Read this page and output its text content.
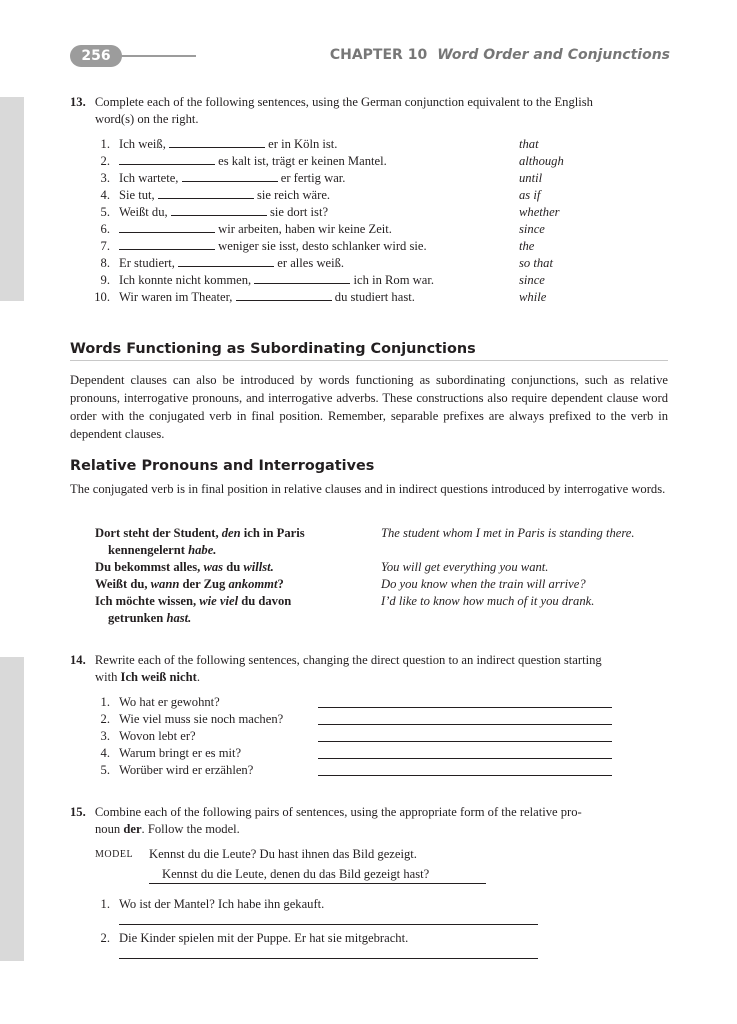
256	CHAPTER 10 Word Order and Conjunctions
13. Complete each of the following sentences, using the German conjunction equivalent to the English
word(s) on the right.
1. Ich weiß,	er in Köln ist.	that
2.	es kalt ist, trägt er keinen Mantel.	although
3. Ich wartete,	er fertig war.	until
4. Sie tut,	sie reich wäre.	as if
5. Weißt du,	sie dort ist?	whether
6.	wir arbeiten, haben wir keine Zeit.	since
7.	weniger sie isst, desto schlanker wird sie.	the
8. Er studiert,	er alles weiß.	so that
9. Ich konnte nicht kommen,	ich in Rom war.	since
10. Wir waren im Theater,	du studiert hast.	while
Words Functioning as Subordinating Conjunctions
Dependent clauses can also be introduced by words functioning as subordinating conjunctions, such as relative pronouns, interrogative pronouns, and interrogative adverbs. These constructions also require dependent clause word order with the conjugated verb in final position. Remember, separable prefixes are always prefixed to the verb in dependent clauses.
Relative Pronouns and Interrogatives
The conjugated verb is in final position in relative clauses and in indirect questions introduced by interrogative words.
Dort steht der Student, den ich in Paris
kennengelernt habe.
The student whom I met in Paris is standing there.
Du bekommst alles, was du willst.	You will get everything you want.
Weißt du, wann der Zug ankommt?	Do you know when the train will arrive?
Ich möchte wissen, wie viel du davon
getrunken hast.
I’d like to know how much of it you drank.
14. Rewrite each of the following sentences, changing the direct question to an indirect question starting
with Ich weiß nicht.
1. Wo hat er gewohnt?
2. Wie viel muss sie noch machen?
3. Wovon lebt er?
4. Warum bringt er es mit?
5. Worüber wird er erzählen?
15. Combine each of the following pairs of sentences, using the appropriate form of the relative pro-
noun der. Follow the model.
MODEL Kennst du die Leute? Du hast ihnen das Bild gezeigt.
Kennst du die Leute, denen du das Bild gezeigt hast?
1. Wo ist der Mantel? Ich habe ihn gekauft.
2. Die Kinder spielen mit der Puppe. Er hat sie mitgebracht.
